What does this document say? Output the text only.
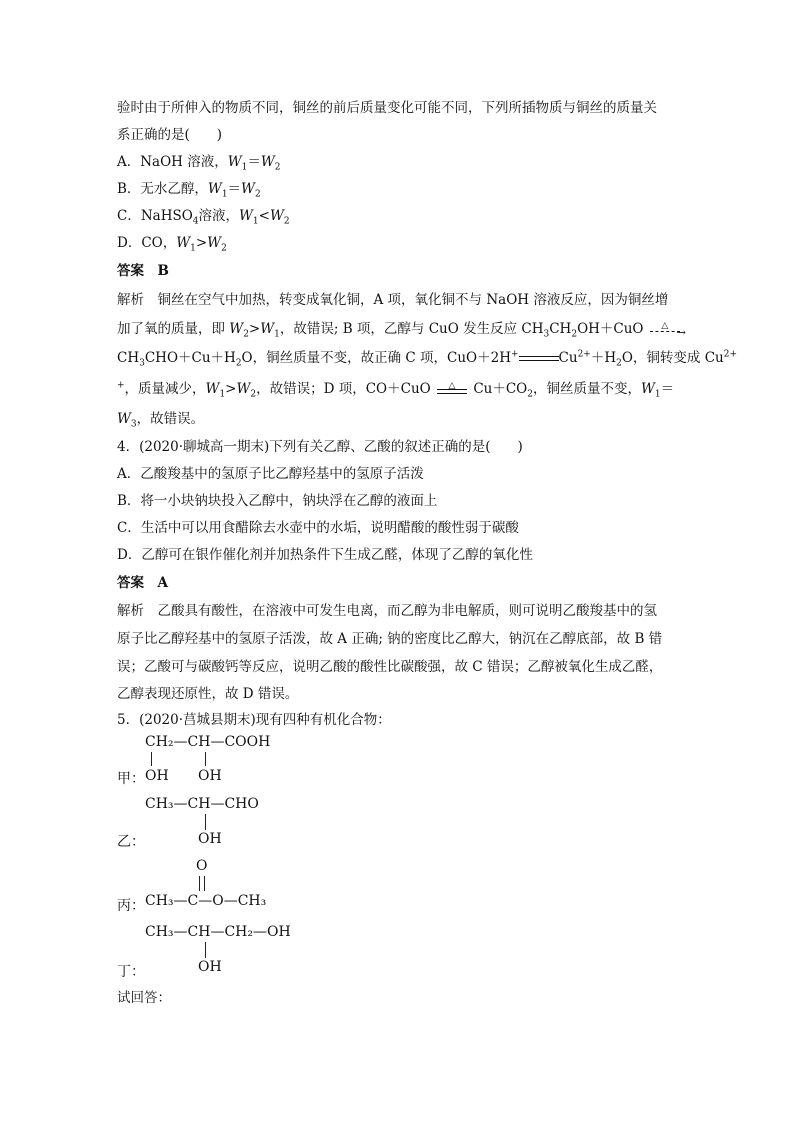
验时由于所伸入的物质不同，铜丝的前后质量变化可能不同，下列所插物质与铜丝的质量关
系正确的是(　　)
A．NaOH 溶液，$W_1=W_2$
B．无水乙醇，$W_1=W_2$
C．NaHSO$_4$溶液，$W_1<W_2$
D．CO，$W_1>W_2$
答案　B
解析　铜丝在空气中加热，转变成氧化铜，A 项，氧化铜不与 NaOH 溶液反应，因为铜丝增
加了氧的质量，即 $W_2>W_1$，故错误; B 项，乙醇与 CuO 发生反应 $CH_3CH_2OH+CuO$	△ →
$CH_3CHO+Cu+H_2O$，铜丝质量不变，故正确 C 项，CuO＋2H+	$Cu^{2+}+H_2O$，铜转变成 $Cu^{2+}$
+，质量减少，$W_1>W_2$，故错误；D 项，CO＋CuO	△	$Cu+CO_2$，铜丝质量不变，$W_1=$
$W_3$，故错误。
4．(2020·聊城高一期末)下列有关乙醇、乙酸的叙述正确的是(　　)
A．乙酸羧基中的氢原子比乙醇羟基中的氢原子活泼
B．将一小块钠块投入乙醇中，钠块浮在乙醇的液面上
C．生活中可以用食醋除去水壶中的水垢，说明醋酸的酸性弱于碳酸
D．乙醇可在银作催化剂并加热条件下生成乙醛，体现了乙醇的氧化性
答案　A
解析　乙酸具有酸性，在溶液中可发生电离，而乙醇为非电解质，则可说明乙酸羧基中的氢
原子比乙醇羟基中的氢原子活泼，故 A 正确; 钠的密度比乙醇大，钠沉在乙醇底部，故 B 错
误；乙酸可与碳酸钙等反应，说明乙酸的酸性比碳酸强，故 C 错误；乙醇被氧化生成乙醛，
乙醇表现还原性，故 D 错误。
5．(2020·莒城县期末)现有四种有机化合物：
CH₂—CH—COOH
甲： OH OH
CH₃—CH—CHO
乙：	OH
O
丙： CH₃—C—O—CH₃
CH₃—CH—CH₂—OH
丁：	OH
试回答：
